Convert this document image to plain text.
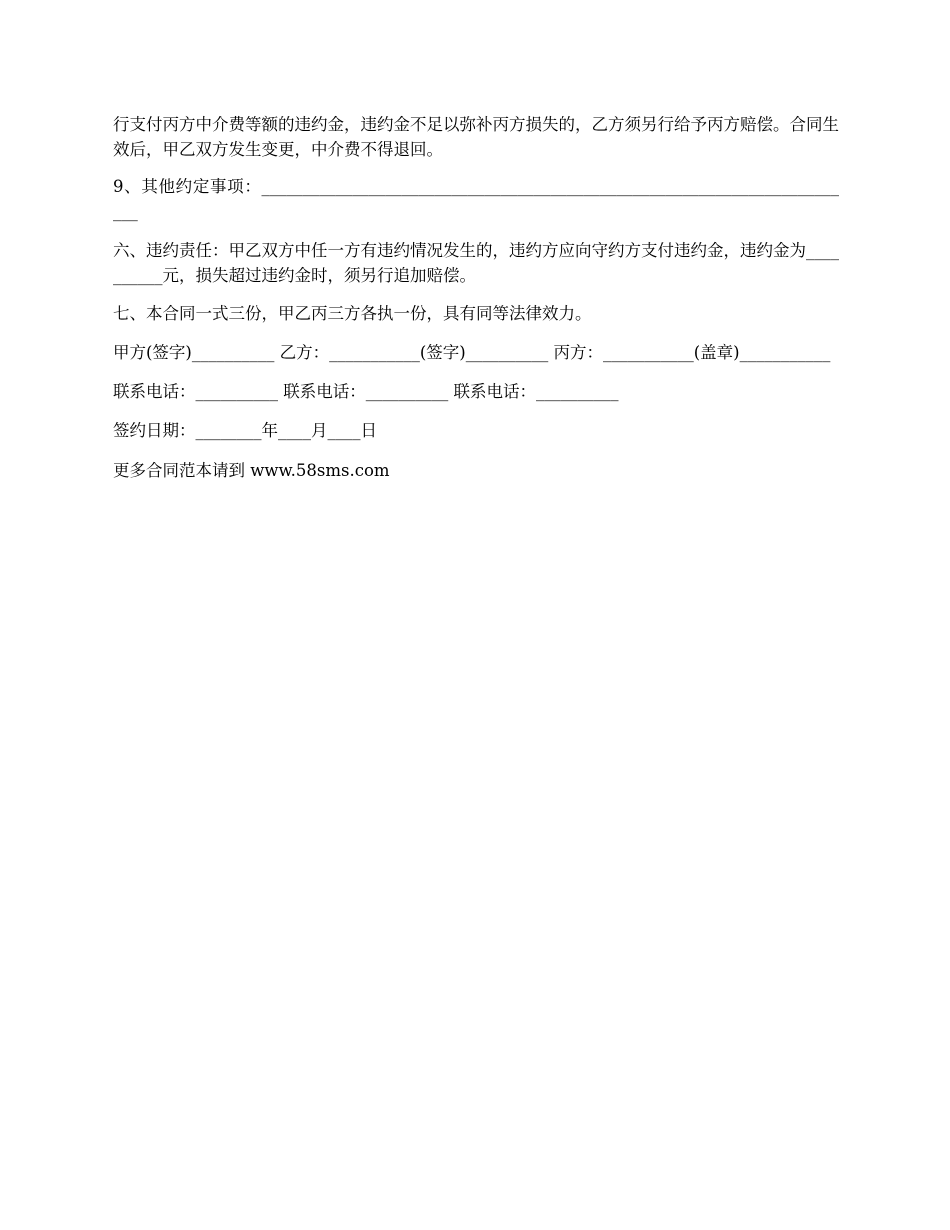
行支付丙方中介费等额的违约金，违约金不足以弥补丙方损失的，乙方须另行给予丙方赔偿。合同生效后，甲乙双方发生变更，中介费不得退回。

9、其他约定事项：_________________________________________________________________________

六、违约责任：甲乙双方中任一方有违约情况发生的，违约方应向守约方支付违约金，违约金为__________元，损失超过违约金时，须另行追加赔偿。

七、本合同一式三份，甲乙丙三方各执一份，具有同等法律效力。

甲方(签字)__________ 乙方：___________(签字)__________ 丙方：___________(盖章)___________

联系电话：__________ 联系电话：__________ 联系电话：__________

签约日期：________年____月____日

更多合同范本请到 www.58sms.com
